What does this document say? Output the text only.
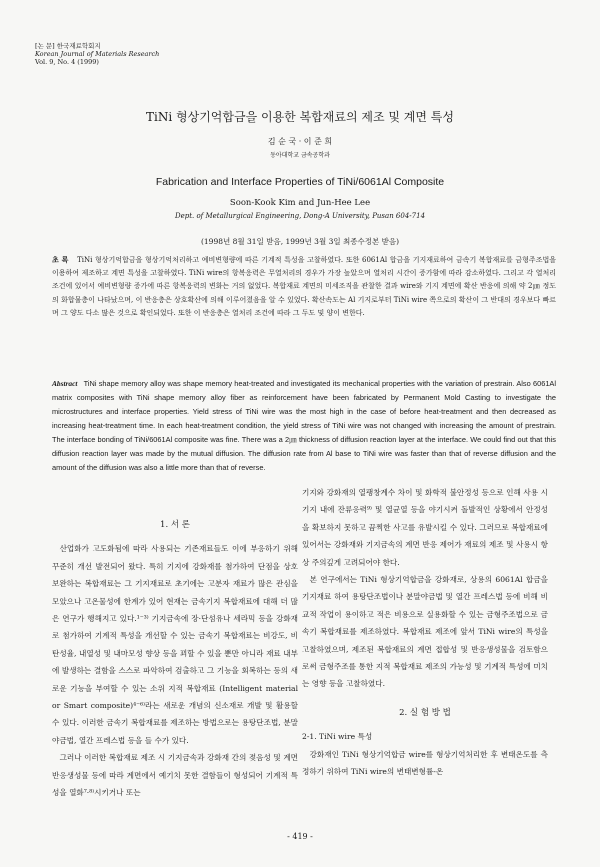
[논 문] 한국재료학회지
Korean Journal of Materials Research
Vol. 9, No. 4 (1999)
TiNi 형상기억합금을 이용한 복합재료의 제조 및 계면 특성
김 순 국 · 이 준 희
동아대학교 금속공학과
Fabrication and Interface Properties of TiNi/6061Al Composite
Soon-Kook Kim and Jun-Hee Lee
Dept. of Metallurgical Engineering, Dong-A University, Pusan 604-714
(1998년 8월 31일 받음, 1999년 3월 3일 최종수정본 받음)
초 록 TiNi 형상기억합금을 형상기억처리하고 예비변형량에 따른 기계적 특성을 고찰하였다. 또한 6061Al 합금을 기지재료하여 금속기 복합재료를 금형주조법을 이용하여 제조하고 계면 특성을 고찰하였다. TiNi wire의 항복응력은 무열처리의 경우가 가장 높았으며 열처리 시간이 증가함에 따라 감소하였다. 그리고 각 열처리 조건에 있어서 예비변형량 증가에 따른 항복응력의 변화는 거의 없었다. 복합재료 계면의 미세조직을 관찰한 결과 wire와 기지 계면에 확산 반응에 의해 약 2㎛ 정도의 화합물층이 나타났으며, 이 반응층은 상호확산에 의해 이루어졌음을 알 수 있었다. 확산속도는 Al 기지로부터 TiNi wire 쪽으로의 확산이 그 반대의 경우보다 빠르며 그 양도 다소 많은 것으로 확인되었다. 또한 이 반응층은 열처리 조건에 따라 그 두도 및 양이 변한다.
Abstract TiNi shape memory alloy was shape memory heat-treated and investigated its mechanical properties with the variation of prestrain. Also 6061Al matrix composites with TiNi shape memory alloy fiber as reinforcement have been fabricated by Permanent Mold Casting to investigate the microstructures and interface properties. Yield stress of TiNi wire was the most high in the case of before heat-treatment and then decreased as increasing heat-treatment time. In each heat-treatment condition, the yield stress of TiNi wire was not changed with increasing the amount of prestrain. The interface bonding of TiNi/6061Al composite was fine. There was a 2㎛ thickness of diffusion reaction layer at the interface. We could find out that this diffusion reaction layer was made by the mutual diffusion. The diffusion rate from Al base to TiNi wire was faster than that of reverse diffusion and the amount of the diffusion was also a little more than that of reverse.
1. 서 론

산업화가 고도화됨에 따라 사용되는 기존재료들도 이에 부응하기 위해 꾸준히 개선 발전되어 왔다. 특히 기지에 강화재를 첨가하여 단점을 상호 보완하는 복합재료는 그 기지재료로 초기에는 고분자 재료가 많은 관심을 모았으나 고온물성에 한계가 있어 현재는 금속기지 복합재료에 대해 더 많은 연구가 행해지고 있다.¹⁻³⁾ 기지금속에 장·단섬유나 세라믹 등을 강화재로 첨가하여 기계적 특성을 개선할 수 있는 금속기 복합재료는 비강도, 비탄성율, 내열성 및 내마모성 향상 등을 꾀할 수 있을 뿐만 아니라 재료 내부에 발생하는 결함을 스스로 파악하여 검출하고 그 기능을 회복하는 등의 새로운 기능을 부여할 수 있는 소위 지적 복합재료 (Intelligent material or Smart composite)⁴⁻⁶⁾라는 새로운 개념의 신소재로 개발 및 활용할 수 있다. 이러한 금속기 복합재료를 제조하는 방법으로는 용탕단조법, 분말야금법, 열간 프레스법 등을 들 수가 있다.

그러나 이러한 복합재료 제조 시 기지금속과 강화재 간의 젖음성 및 계면 반응생성물 등에 따라 계면에서 예기치 못한 결함들이 형성되어 기계적 특성을 열화⁷·⁸⁾시키거나 또는

기지와 강화재의 열팽창계수 차이 및 화학적 불안정성 등으로 인해 사용 시 기지 내에 잔류응력⁹⁾ 및 열균열 등을 야기시켜 돌발적인 상황에서 안정성을 확보하지 못하고 끔찍한 사고를 유발시킬 수 있다. 그러므로 복합재료에 있어서는 강화재와 기지금속의 계면 반응 제어가 재료의 제조 및 사용시 항상 주의깊게 고려되어야 한다.

본 연구에서는 TiNi 형상기억합금을 강화재로, 상용의 6061Al 합금을 기지재료 하여 용탕단조법이나 분말야금법 및 열간 프레스법 등에 비해 비교적 작업이 용이하고 적은 비용으로 실용화할 수 있는 금형주조법으로 금속기 복합재료를 제조하였다. 복합재료 제조에 앞서 TiNi wire의 특성을 고찰하였으며, 제조된 복합재료의 계면 접합성 및 반응생성물을 검토함으로써 금형주조를 통한 지적 복합재료 제조의 가능성 및 기계적 특성에 미치는 영향 등을 고찰하였다.

2. 실 험 방 법
2-1. TiNi wire 특성

강화재인 TiNi 형상기억합금 wire를 형상기억처리한 후 변태온도를 측정하기 위하여 TiNi wire의 변태변형률-온

- 419 -
